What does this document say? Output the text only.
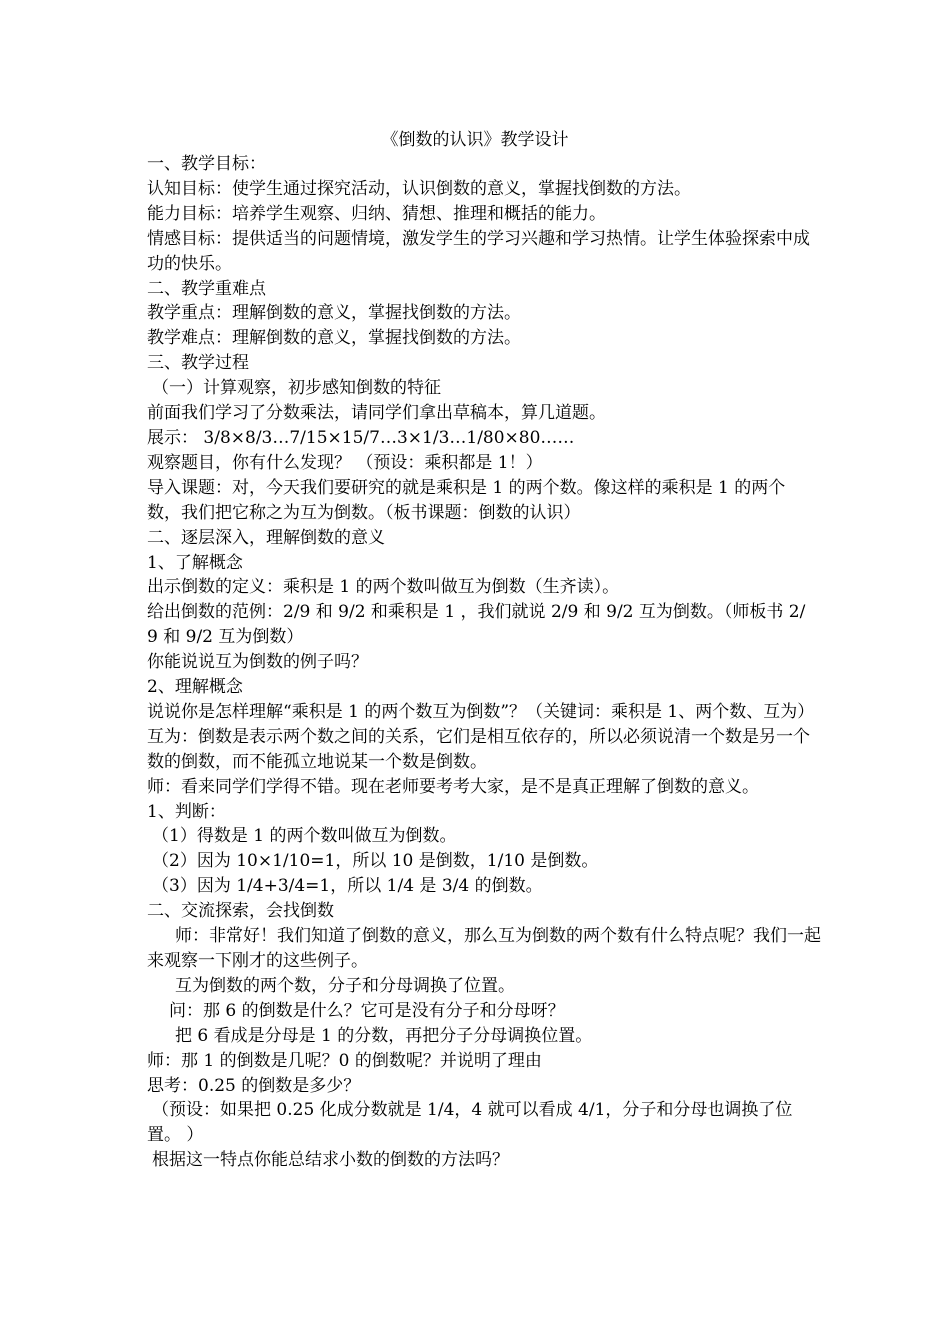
《倒数的认识》教学设计

一、教学目标：

认知目标：使学生通过探究活动，认识倒数的意义，掌握找倒数的方法。

能力目标：培养学生观察、归纳、猜想、推理和概括的能力。

情感目标：提供适当的问题情境，激发学生的学习兴趣和学习热情。让学生体验探索中成功的快乐。

二、教学重难点

教学重点：理解倒数的意义，掌握找倒数的方法。

教学难点：理解倒数的意义，掌握找倒数的方法。

三、教学过程

（一）计算观察，初步感知倒数的特征

前面我们学习了分数乘法，请同学们拿出草稿本，算几道题。

展示： 3/8×8/3…7/15×15/7…3×1/3…1/80×80……

观察题目，你有什么发现？ （预设：乘积都是 1！）

导入课题：对，今天我们要研究的就是乘积是 1 的两个数。像这样的乘积是 1 的两个数，我们把它称之为互为倒数。（板书课题：倒数的认识）

二、逐层深入，理解倒数的意义

1、了解概念

出示倒数的定义：乘积是 1 的两个数叫做互为倒数（生齐读）。

给出倒数的范例：2/9 和 9/2 和乘积是 1 ，我们就说 2/9 和 9/2 互为倒数。（师板书 2/9 和 9/2 互为倒数）

你能说说互为倒数的例子吗？

2、理解概念

说说你是怎样理解“乘积是 1 的两个数互为倒数”？（关键词：乘积是 1、两个数、互为）

互为：倒数是表示两个数之间的关系，它们是相互依存的，所以必须说清一个数是另一个数的倒数，而不能孤立地说某一个数是倒数。

师：看来同学们学得不错。现在老师要考考大家，是不是真正理解了倒数的意义。

1、判断：

（1）得数是 1 的两个数叫做互为倒数。

（2）因为 10×1/10=1，所以 10 是倒数，1/10 是倒数。

（3）因为 1/4+3/4=1，所以 1/4 是 3/4 的倒数。

二、交流探索，会找倒数

师：非常好！我们知道了倒数的意义，那么互为倒数的两个数有什么特点呢？我们一起来观察一下刚才的这些例子。

互为倒数的两个数，分子和分母调换了位置。

问：那 6 的倒数是什么？它可是没有分子和分母呀？

把 6 看成是分母是 1 的分数，再把分子分母调换位置。

师：那 1 的倒数是几呢？0 的倒数呢？并说明了理由

思考：0.25 的倒数是多少？

（预设：如果把 0.25 化成分数就是 1/4，4 就可以看成 4/1，分子和分母也调换了位置。 ）

根据这一特点你能总结求小数的倒数的方法吗？
